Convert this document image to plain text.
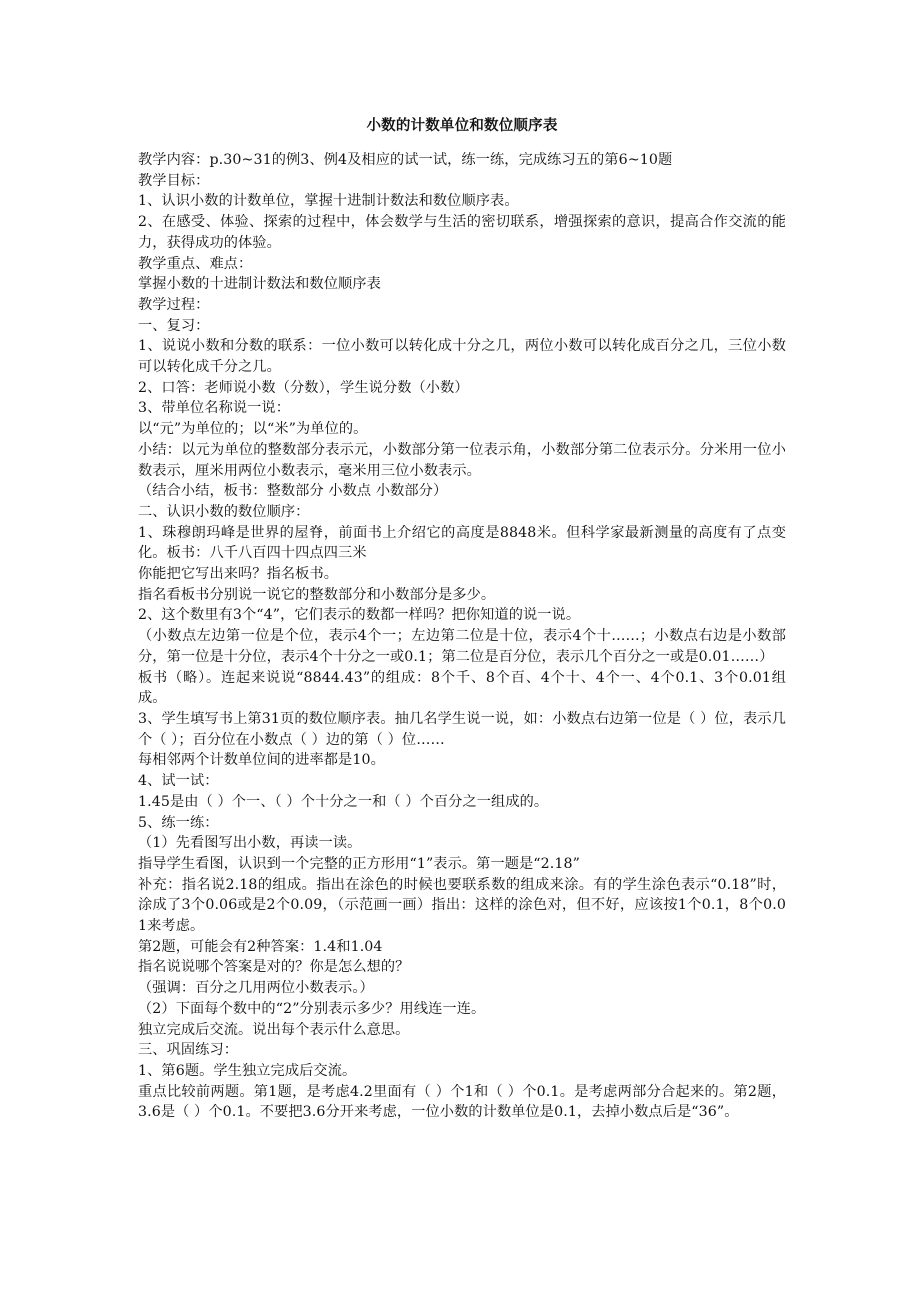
小数的计数单位和数位顺序表

教学内容：p.30~31的例3、例4及相应的试一试，练一练，完成练习五的第6~10题

教学目标：

1、认识小数的计数单位，掌握十进制计数法和数位顺序表。

2、在感受、体验、探索的过程中，体会数学与生活的密切联系，增强探索的意识，提高合作交流的能力，获得成功的体验。

教学重点、难点：

掌握小数的十进制计数法和数位顺序表

教学过程：

一、复习：

1、说说小数和分数的联系：一位小数可以转化成十分之几，两位小数可以转化成百分之几，三位小数可以转化成千分之几。

2、口答：老师说小数（分数），学生说分数（小数）

3、带单位名称说一说：

以“元”为单位的；以“米”为单位的。

小结：以元为单位的整数部分表示元，小数部分第一位表示角，小数部分第二位表示分。分米用一位小数表示，厘米用两位小数表示，毫米用三位小数表示。

（结合小结，板书：整数部分 小数点 小数部分）

二、认识小数的数位顺序：

1、珠穆朗玛峰是世界的屋脊，前面书上介绍它的高度是8848米。但科学家最新测量的高度有了点变化。板书：八千八百四十四点四三米

你能把它写出来吗？指名板书。

指名看板书分别说一说它的整数部分和小数部分是多少。

2、这个数里有3个“4”，它们表示的数都一样吗？把你知道的说一说。

（小数点左边第一位是个位，表示4个一；左边第二位是十位，表示4个十……；小数点右边是小数部分，第一位是十分位，表示4个十分之一或0.1；第二位是百分位，表示几个百分之一或是0.01……）

板书（略）。连起来说说“8844.43”的组成：8个千、8个百、4个十、4个一、4个0.1、3个0.01组成。

3、学生填写书上第31页的数位顺序表。抽几名学生说一说，如：小数点右边第一位是（ ）位，表示几个（ ）；百分位在小数点（ ）边的第（ ）位……

每相邻两个计数单位间的进率都是10。

4、试一试：

1.45是由（ ）个一、（ ）个十分之一和（ ）个百分之一组成的。

5、练一练：

（1）先看图写出小数，再读一读。

指导学生看图，认识到一个完整的正方形用“1”表示。第一题是“2.18”

补充：指名说2.18的组成。指出在涂色的时候也要联系数的组成来涂。有的学生涂色表示“0.18”时，涂成了3个0.06或是2个0.09，（示范画一画）指出：这样的涂色对，但不好，应该按1个0.1，8个0.01来考虑。

第2题，可能会有2种答案：1.4和1.04

指名说说哪个答案是对的？你是怎么想的？

（强调：百分之几用两位小数表示。）

（2）下面每个数中的“2”分别表示多少？用线连一连。

独立完成后交流。说出每个表示什么意思。

三、巩固练习：

1、第6题。学生独立完成后交流。

重点比较前两题。第1题，是考虑4.2里面有（ ）个1和（ ）个0.1。是考虑两部分合起来的。第2题，3.6是（ ）个0.1。不要把3.6分开来考虑，一位小数的计数单位是0.1，去掉小数点后是“36”。
